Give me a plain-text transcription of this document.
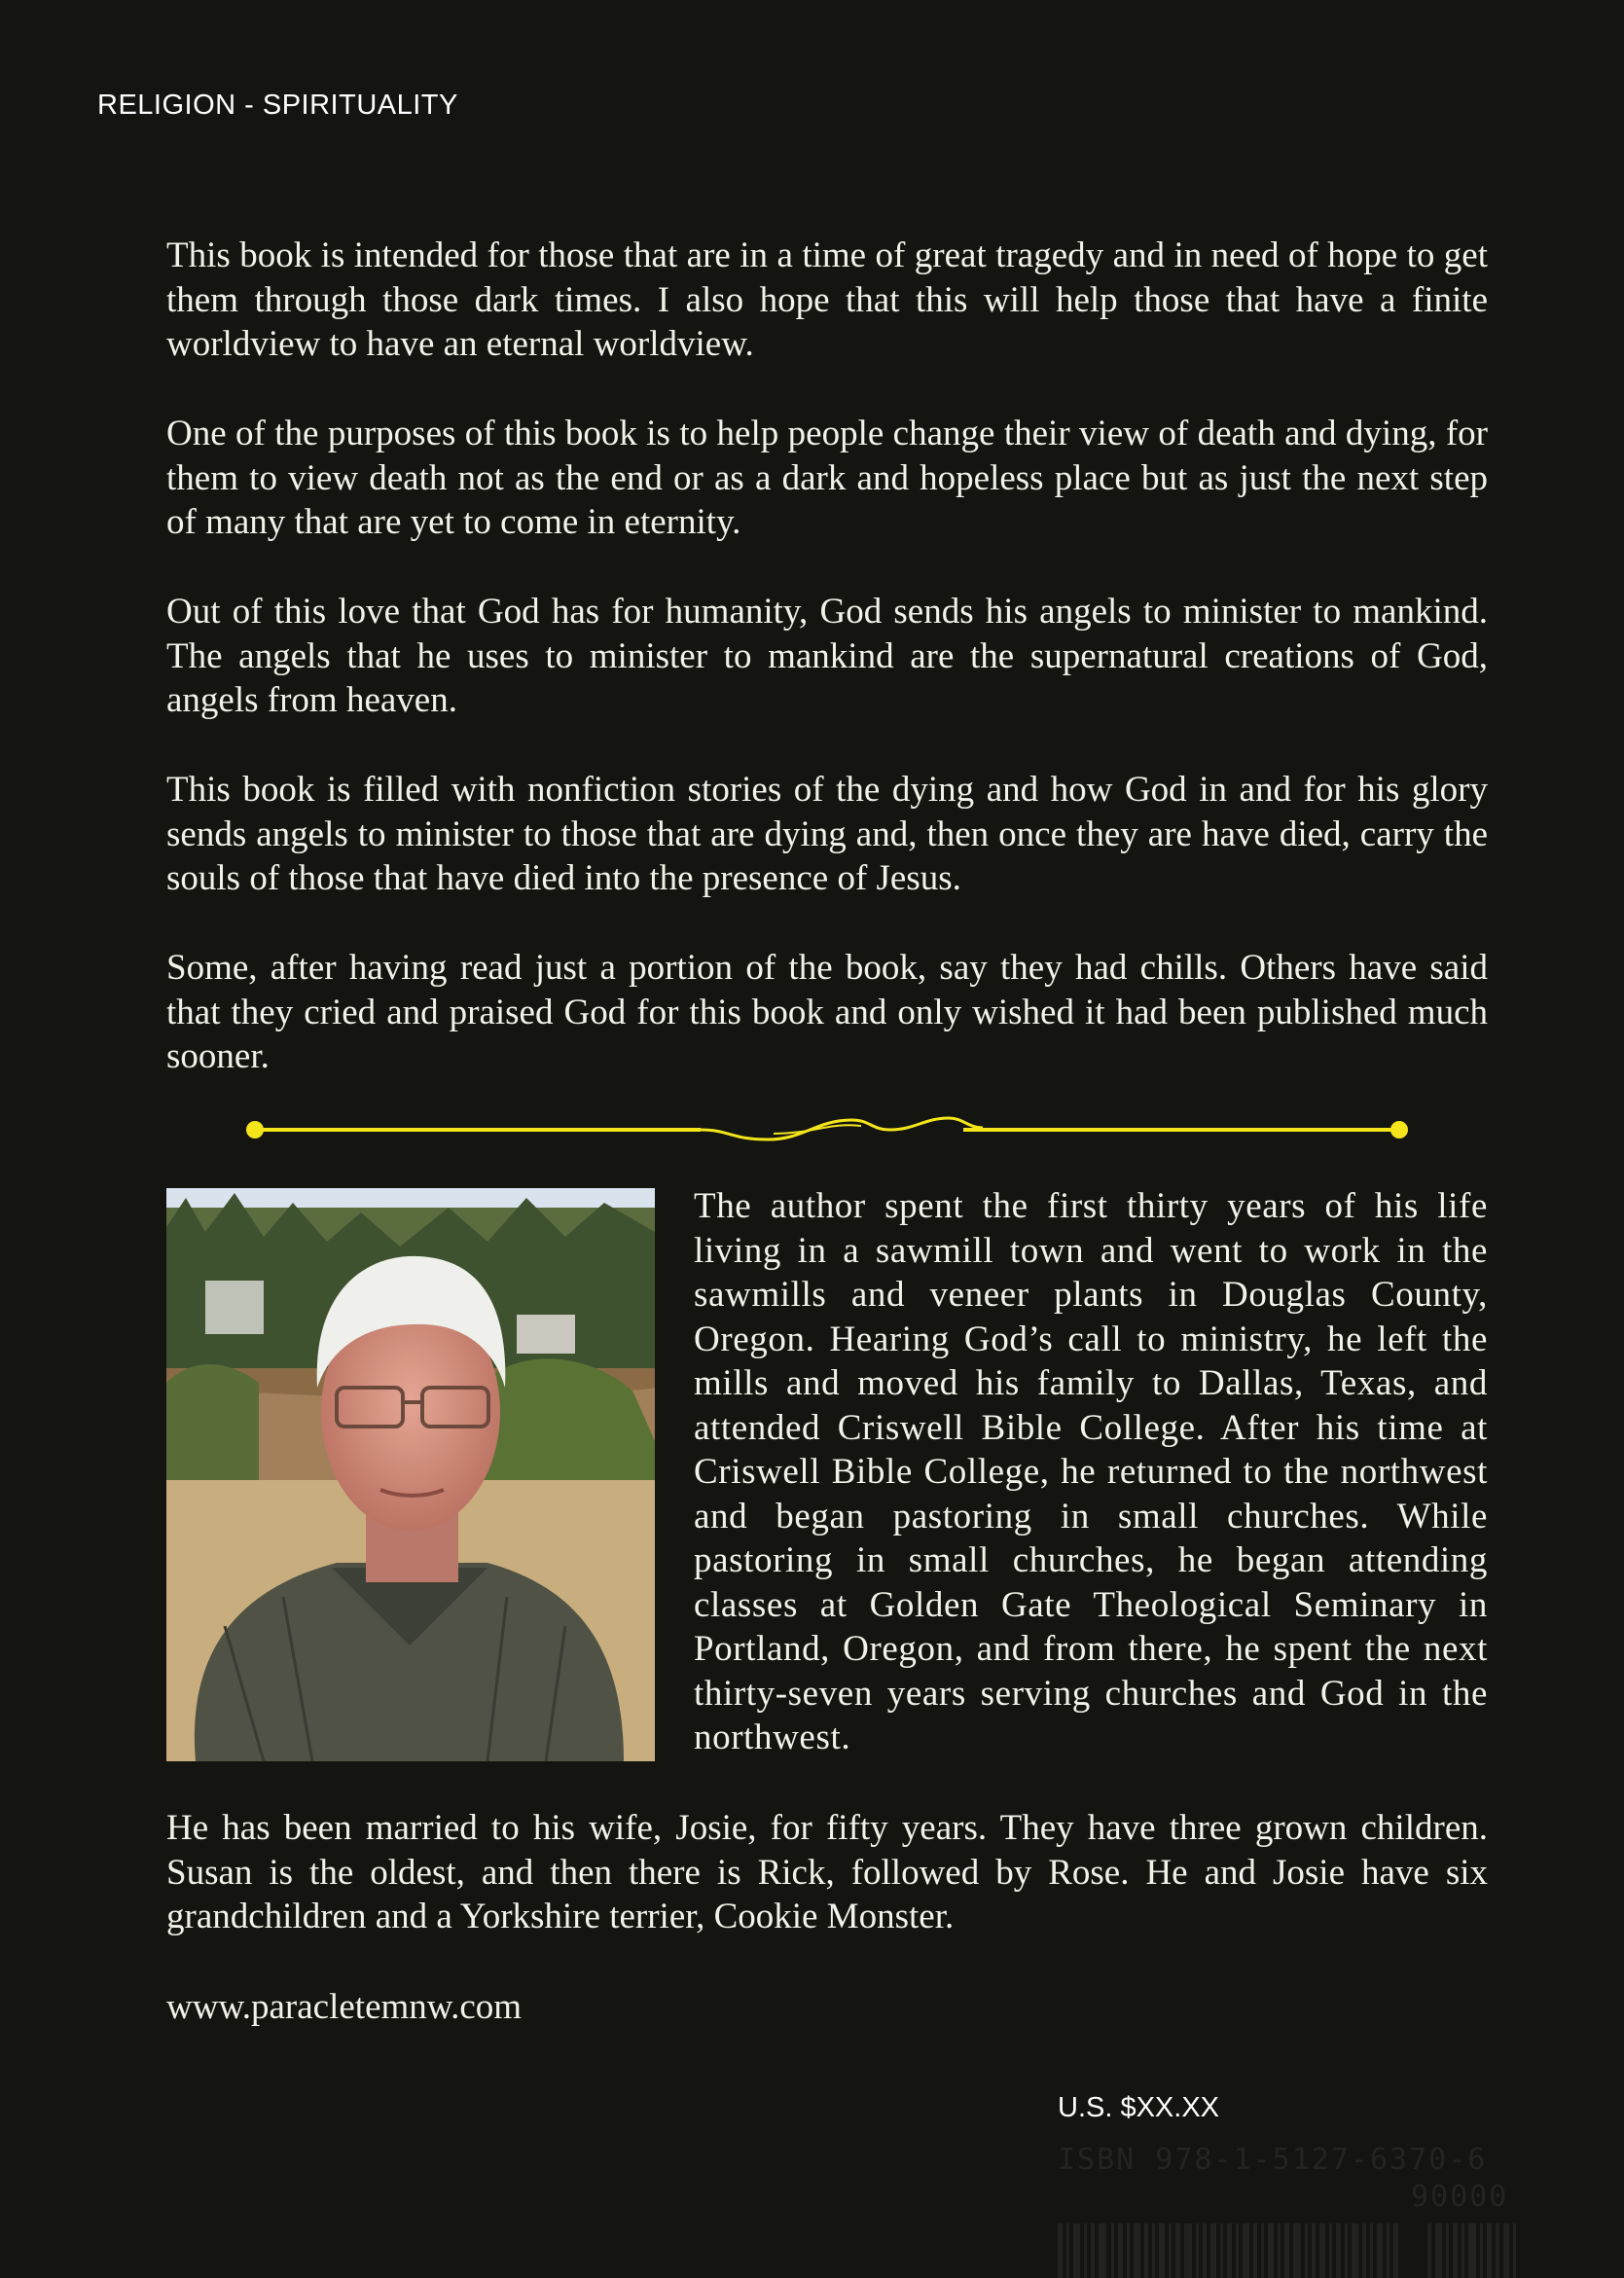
RELIGION - SPIRITUALITY

This book is intended for those that are in a time of great tragedy and in need of hope to get them through those dark times. I also hope that this will help those that have a finite worldview to have an eternal worldview.

One of the purposes of this book is to help people change their view of death and dying, for them to view death not as the end or as a dark and hopeless place but as just the next step of many that are yet to come in eternity.

Out of this love that God has for humanity, God sends his angels to minister to mankind. The angels that he uses to minister to mankind are the supernatural creations of God, angels from heaven.

This book is filled with nonfiction stories of the dying and how God in and for his glory sends angels to minister to those that are dying and, then once they are have died, carry the souls of those that have died into the presence of Jesus.

Some, after having read just a portion of the book, say they had chills. Others have said that they cried and praised God for this book and only wished it had been published much sooner.

The author spent the first thirty years of his life living in a sawmill town and went to work in the sawmills and veneer plants in Douglas County, Oregon. Hearing God’s call to ministry, he left the mills and moved his family to Dallas, Texas, and attended Criswell Bible College. After his time at Criswell Bible College, he returned to the northwest and began pastoring in small churches. While pastoring in small churches, he began attending classes at Golden Gate Theological Seminary in Portland, Oregon, and from there, he spent the next thirty-seven years serving churches and God in the northwest.

He has been married to his wife, Josie, for fifty years. They have three grown children. Susan is the oldest, and then there is Rick, followed by Rose. He and Josie have six grandchildren and a Yorkshire terrier, Cookie Monster.

www.paracletemnw.com

U.S. $XX.XX
ISBN 978-1-5127-6370-6
90000
